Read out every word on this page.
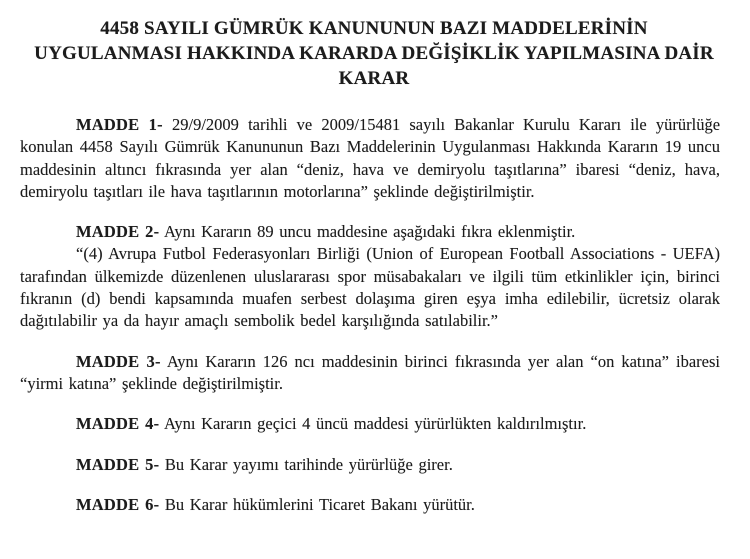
4458 SAYILI GÜMRÜK KANUNUNUN BAZI MADDELERİNİN
UYGULANMASI HAKKINDA KARARDA DEĞİŞİKLİK YAPILMASINA DAİR
KARAR

MADDE 1- 29/9/2009 tarihli ve 2009/15481 sayılı Bakanlar Kurulu Kararı ile yürürlüğe konulan 4458 Sayılı Gümrük Kanununun Bazı Maddelerinin Uygulanması Hakkında Kararın 19 uncu maddesinin altıncı fıkrasında yer alan “deniz, hava ve demiryolu taşıtlarına” ibaresi “deniz, hava, demiryolu taşıtları ile hava taşıtlarının motorlarına” şeklinde değiştirilmiştir.

MADDE 2- Aynı Kararın 89 uncu maddesine aşağıdaki fıkra eklenmiştir.

“(4) Avrupa Futbol Federasyonları Birliği (Union of European Football Associations - UEFA) tarafından ülkemizde düzenlenen uluslararası spor müsabakaları ve ilgili tüm etkinlikler için, birinci fıkranın (d) bendi kapsamında muafen serbest dolaşıma giren eşya imha edilebilir, ücretsiz olarak dağıtılabilir ya da hayır amaçlı sembolik bedel karşılığında satılabilir.”

MADDE 3- Aynı Kararın 126 ncı maddesinin birinci fıkrasında yer alan “on katına” ibaresi “yirmi katına” şeklinde değiştirilmiştir.

MADDE 4- Aynı Kararın geçici 4 üncü maddesi yürürlükten kaldırılmıştır.

MADDE 5- Bu Karar yayımı tarihinde yürürlüğe girer.

MADDE 6- Bu Karar hükümlerini Ticaret Bakanı yürütür.
